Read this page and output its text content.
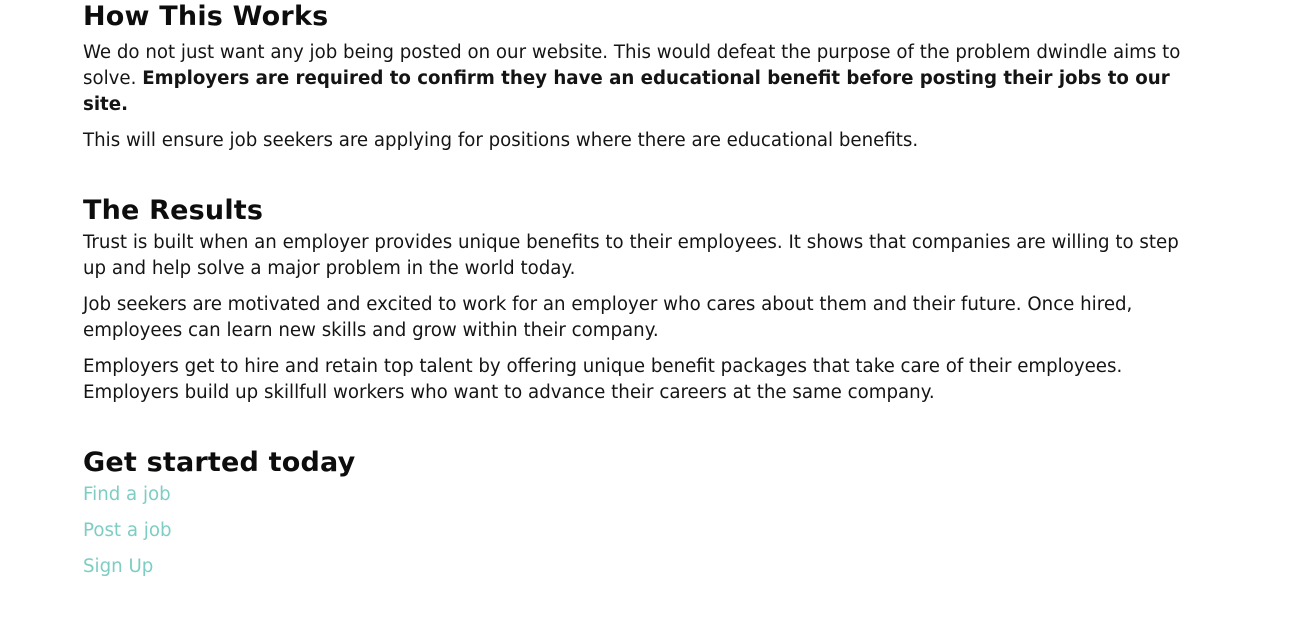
How This Works

We do not just want any job being posted on our website. This would defeat the purpose of the problem dwindle aims to solve. Employers are required to confirm they have an educational benefit before posting their jobs to our site.

This will ensure job seekers are applying for positions where there are educational benefits.

The Results

Trust is built when an employer provides unique benefits to their employees. It shows that companies are willing to step up and help solve a major problem in the world today.

Job seekers are motivated and excited to work for an employer who cares about them and their future. Once hired, employees can learn new skills and grow within their company.

Employers get to hire and retain top talent by offering unique benefit packages that take care of their employees. Employers build up skillfull workers who want to advance their careers at the same company.

Get started today
Find a job
Post a job
Sign Up
